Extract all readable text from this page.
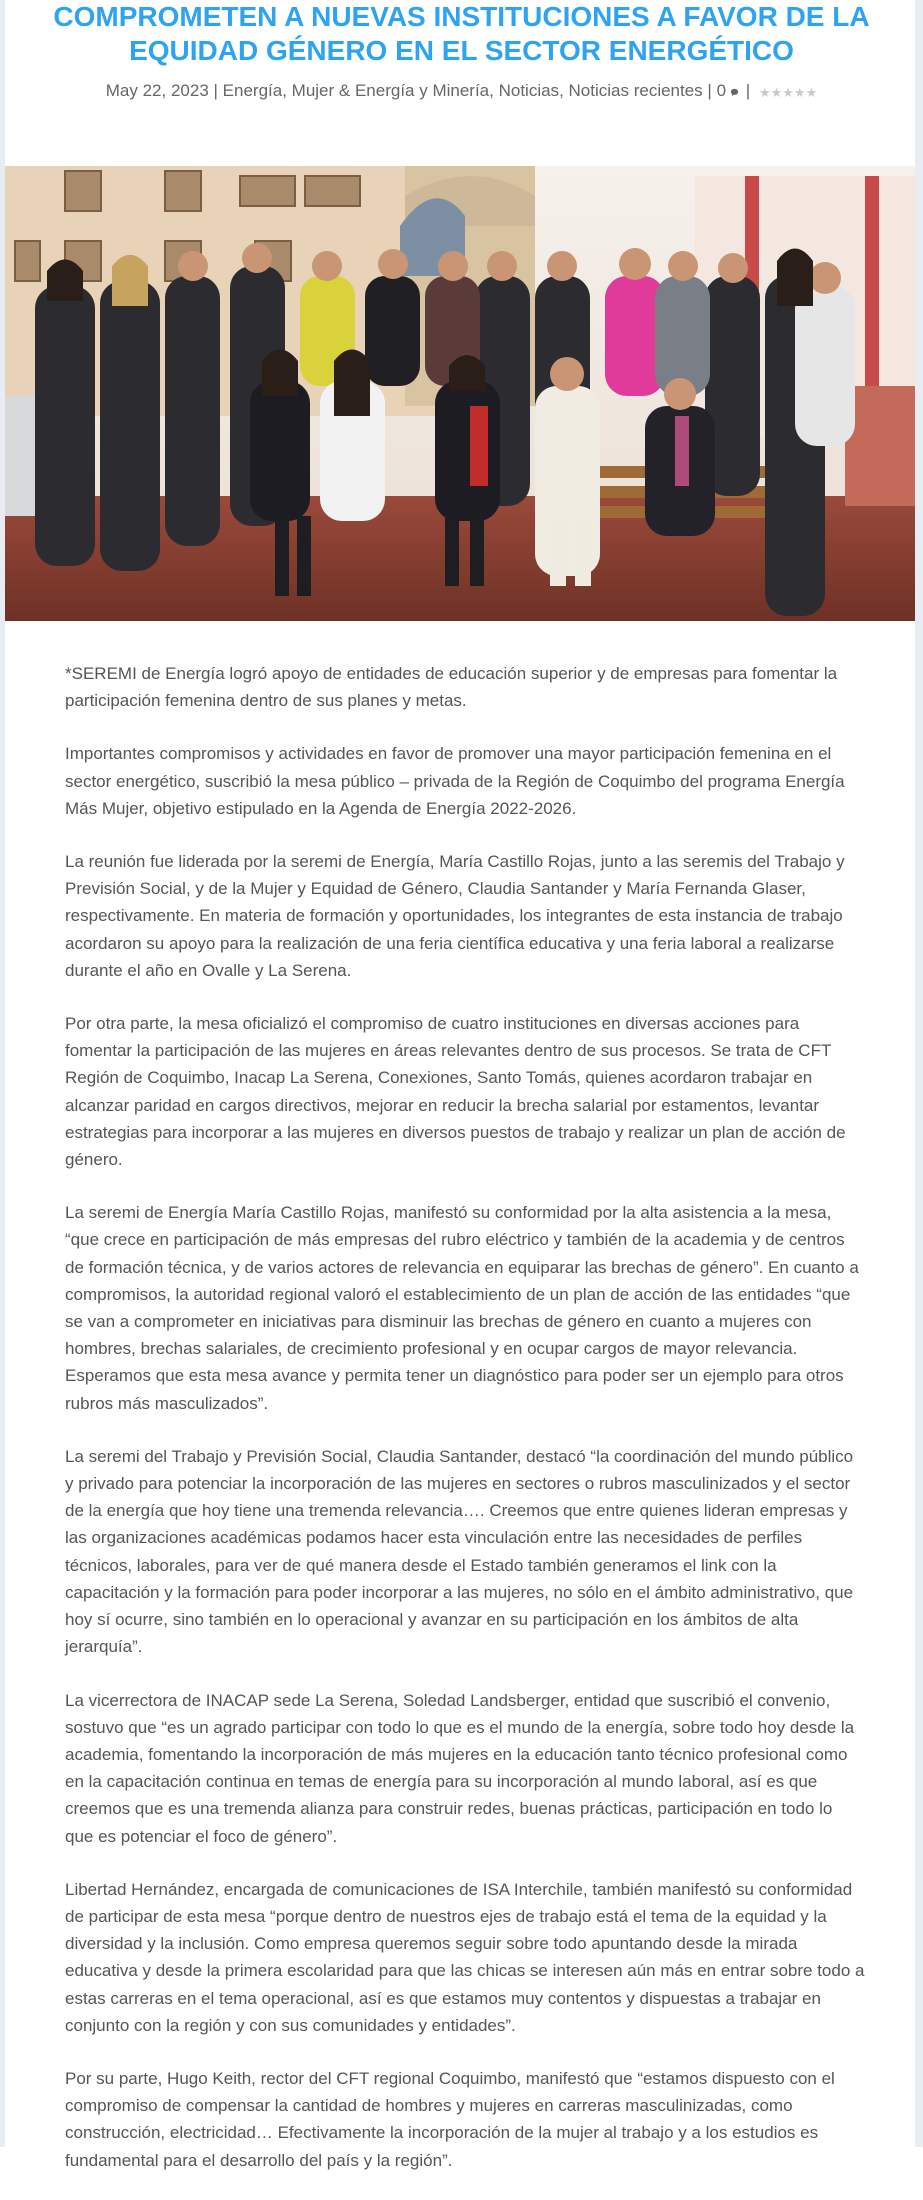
COMPROMETEN A NUEVAS INSTITUCIONES A FAVOR DE LA EQUIDAD GÉNERO EN EL SECTOR ENERGÉTICO
May 22, 2023 | Energía, Mujer & Energía y Minería, Noticias, Noticias recientes | 0 | ★★★★★

*SEREMI de Energía logró apoyo de entidades de educación superior y de empresas para fomentar la participación femenina dentro de sus planes y metas.

Importantes compromisos y actividades en favor de promover una mayor participación femenina en el sector energético, suscribió la mesa público – privada de la Región de Coquimbo del programa Energía Más Mujer, objetivo estipulado en la Agenda de Energía 2022-2026.

La reunión fue liderada por la seremi de Energía, María Castillo Rojas, junto a las seremis del Trabajo y Previsión Social, y de la Mujer y Equidad de Género, Claudia Santander y María Fernanda Glaser, respectivamente. En materia de formación y oportunidades, los integrantes de esta instancia de trabajo acordaron su apoyo para la realización de una feria científica educativa y una feria laboral a realizarse durante el año en Ovalle y La Serena.

Por otra parte, la mesa oficializó el compromiso de cuatro instituciones en diversas acciones para fomentar la participación de las mujeres en áreas relevantes dentro de sus procesos. Se trata de CFT Región de Coquimbo, Inacap La Serena, Conexiones, Santo Tomás, quienes acordaron trabajar en alcanzar paridad en cargos directivos, mejorar en reducir la brecha salarial por estamentos, levantar estrategias para incorporar a las mujeres en diversos puestos de trabajo y realizar un plan de acción de género.

La seremi de Energía María Castillo Rojas, manifestó su conformidad por la alta asistencia a la mesa, “que crece en participación de más empresas del rubro eléctrico y también de la academia y de centros de formación técnica, y de varios actores de relevancia en equiparar las brechas de género”. En cuanto a compromisos, la autoridad regional valoró el establecimiento de un plan de acción de las entidades “que se van a comprometer en iniciativas para disminuir las brechas de género en cuanto a mujeres con hombres, brechas salariales, de crecimiento profesional y en ocupar cargos de mayor relevancia. Esperamos que esta mesa avance y permita tener un diagnóstico para poder ser un ejemplo para otros rubros más masculizados”.

La seremi del Trabajo y Previsión Social, Claudia Santander, destacó “la coordinación del mundo público y privado para potenciar la incorporación de las mujeres en sectores o rubros masculinizados y el sector de la energía que hoy tiene una tremenda relevancia…. Creemos que entre quienes lideran empresas y las organizaciones académicas podamos hacer esta vinculación entre las necesidades de perfiles técnicos, laborales, para ver de qué manera desde el Estado también generamos el link con la capacitación y la formación para poder incorporar a las mujeres, no sólo en el ámbito administrativo, que hoy sí ocurre, sino también en lo operacional y avanzar en su participación en los ámbitos de alta jerarquía”.

La vicerrectora de INACAP sede La Serena, Soledad Landsberger, entidad que suscribió el convenio, sostuvo que “es un agrado participar con todo lo que es el mundo de la energía, sobre todo hoy desde la academia, fomentando la incorporación de más mujeres en la educación tanto técnico profesional como en la capacitación continua en temas de energía para su incorporación al mundo laboral, así es que creemos que es una tremenda alianza para construir redes, buenas prácticas, participación en todo lo que es potenciar el foco de género”.

Libertad Hernández, encargada de comunicaciones de ISA Interchile, también manifestó su conformidad de participar de esta mesa “porque dentro de nuestros ejes de trabajo está el tema de la equidad y la diversidad y la inclusión. Como empresa queremos seguir sobre todo apuntando desde la mirada educativa y desde la primera escolaridad para que las chicas se interesen aún más en entrar sobre todo a estas carreras en el tema operacional, así es que estamos muy contentos y dispuestas a trabajar en conjunto con la región y con sus comunidades y entidades”.

Por su parte, Hugo Keith, rector del CFT regional Coquimbo, manifestó que “estamos dispuesto con el compromiso de compensar la cantidad de hombres y mujeres en carreras masculinizadas, como construcción, electricidad… Efectivamente la incorporación de la mujer al trabajo y a los estudios es fundamental para el desarrollo del país y la región”.
